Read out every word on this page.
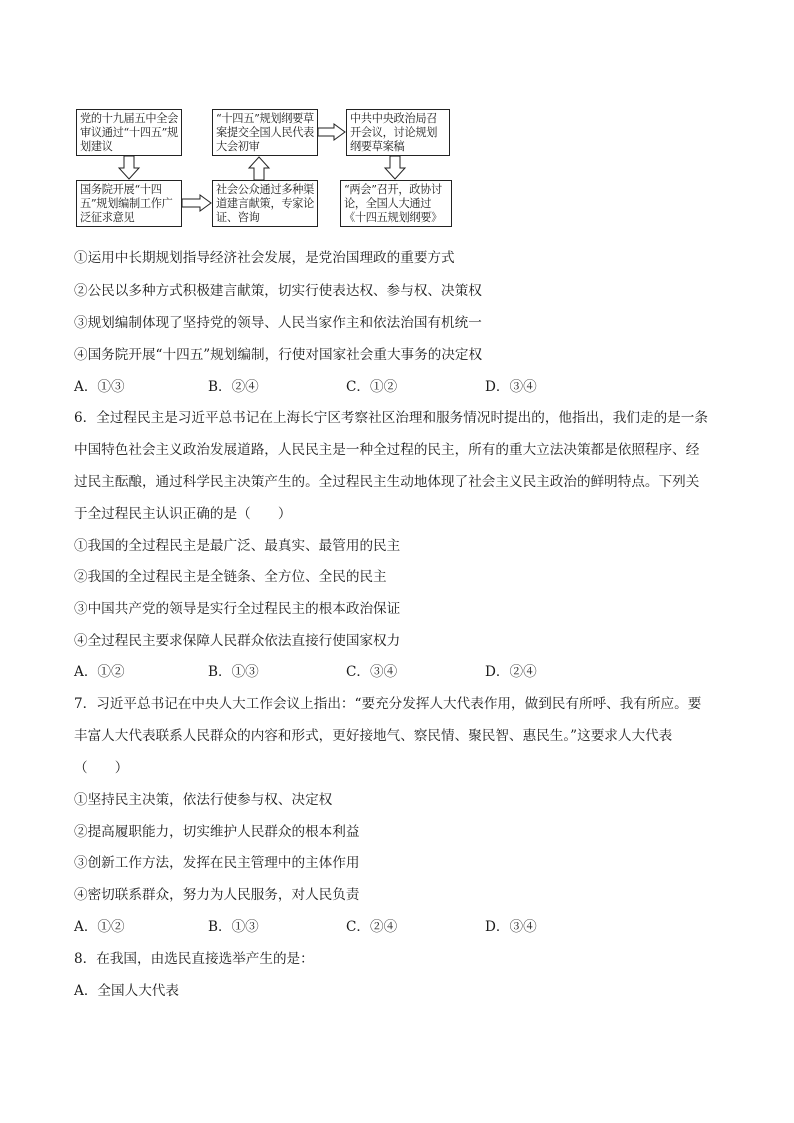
党的十九届五中全会审议通过“十四五”规划建议
“十四五”规划纲要草案提交全国人民代表大会初审
中共中央政治局召开会议，讨论规划纲要草案稿
国务院开展“十四五”规划编制工作广泛征求意见
社会公众通过多种渠道建言献策，专家论证、咨询
“两会”召开，政协讨论，全国人大通过《十四五规划纲要》
①运用中长期规划指导经济社会发展，是党治国理政的重要方式
②公民以多种方式积极建言献策，切实行使表达权、参与权、决策权
③规划编制体现了坚持党的领导、人民当家作主和依法治国有机统一
④国务院开展“十四五”规划编制，行使对国家社会重大事务的决定权
A．①③	B．②④	C．①②	D．③④
6．全过程民主是习近平总书记在上海长宁区考察社区治理和服务情况时提出的，他指出，我们走的是一条
中国特色社会主义政治发展道路，人民民主是一种全过程的民主，所有的重大立法决策都是依照程序、经
过民主酝酿，通过科学民主决策产生的。全过程民主生动地体现了社会主义民主政治的鲜明特点。下列关
于全过程民主认识正确的是（　　）
①我国的全过程民主是最广泛、最真实、最管用的民主
②我国的全过程民主是全链条、全方位、全民的民主
③中国共产党的领导是实行全过程民主的根本政治保证
④全过程民主要求保障人民群众依法直接行使国家权力
A．①②	B．①③	C．③④	D．②④
7．习近平总书记在中央人大工作会议上指出：“要充分发挥人大代表作用，做到民有所呼、我有所应。要
丰富人大代表联系人民群众的内容和形式，更好接地气、察民情、聚民智、惠民生。”这要求人大代表
（　　）
①坚持民主决策，依法行使参与权、决定权
②提高履职能力，切实维护人民群众的根本利益
③创新工作方法，发挥在民主管理中的主体作用
④密切联系群众，努力为人民服务，对人民负责
A．①②	B．①③	C．②④	D．③④
8．在我国，由选民直接选举产生的是：
A．全国人大代表
